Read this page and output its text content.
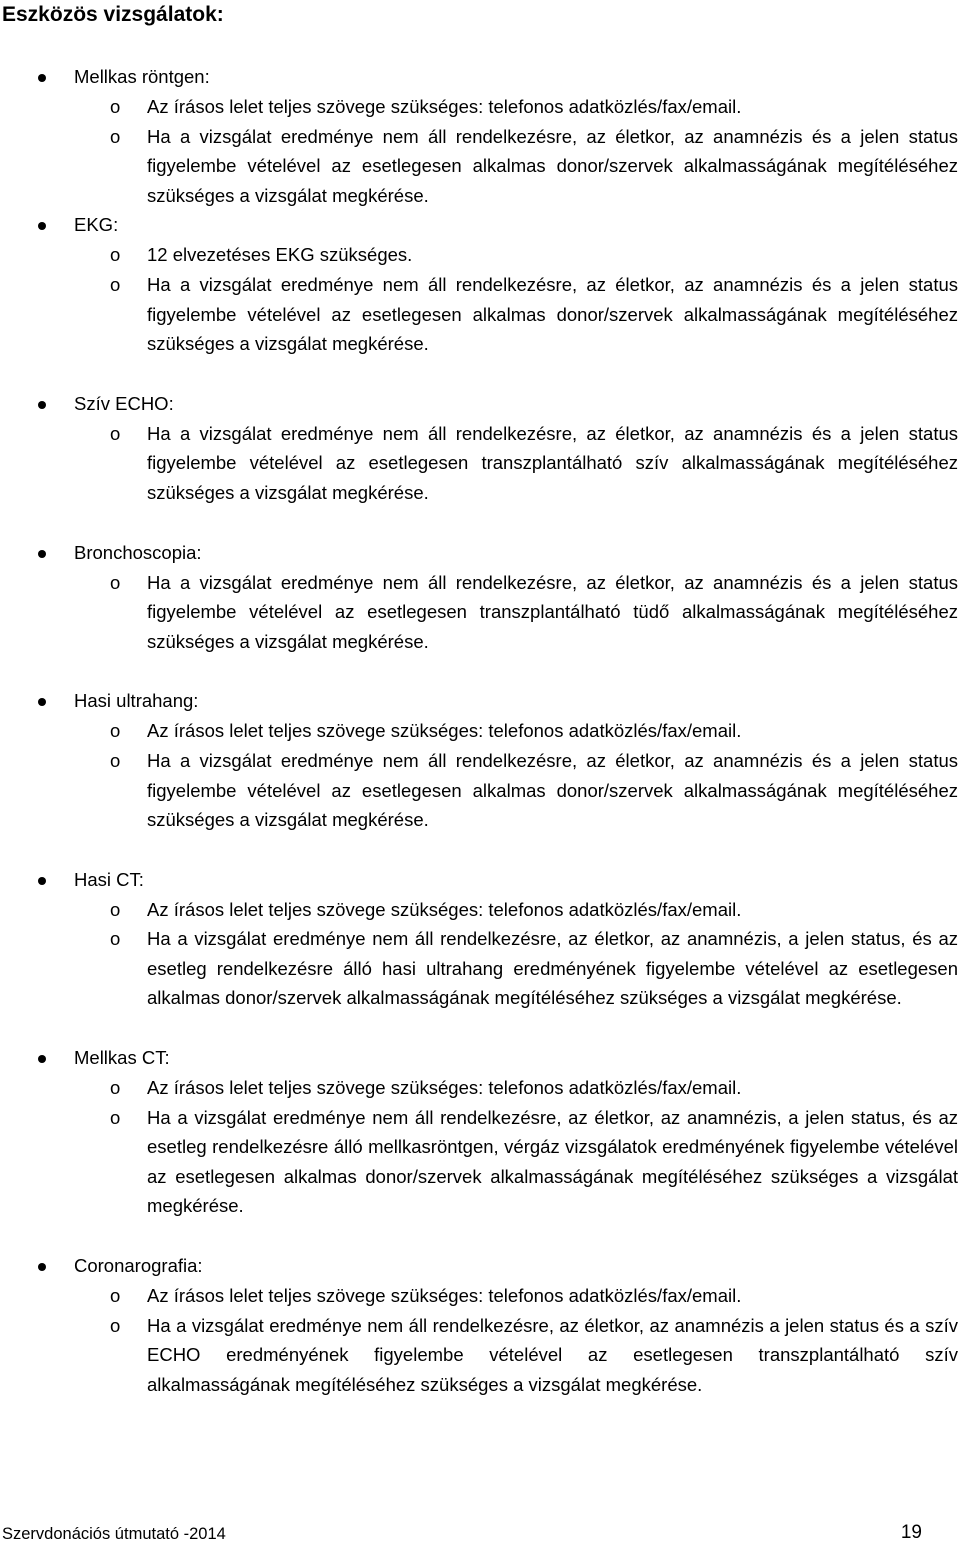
Eszközös vizsgálatok:
Mellkas röntgen:
o Az írásos lelet teljes szövege szükséges: telefonos adatközlés/fax/email.
o Ha a vizsgálat eredménye nem áll rendelkezésre, az életkor, az anamnézis és a jelen status figyelembe vételével az esetlegesen alkalmas donor/szervek alkalmasságának megítéléséhez szükséges a vizsgálat megkérése.
EKG:
o 12 elvezetéses EKG szükséges.
o Ha a vizsgálat eredménye nem áll rendelkezésre, az életkor, az anamnézis és a jelen status figyelembe vételével az esetlegesen alkalmas donor/szervek alkalmasságának megítéléséhez szükséges a vizsgálat megkérése.
Szív ECHO:
o Ha a vizsgálat eredménye nem áll rendelkezésre, az életkor, az anamnézis és a jelen status figyelembe vételével az esetlegesen transzplantálható szív alkalmasságának megítéléséhez szükséges a vizsgálat megkérése.
Bronchoscopia:
o Ha a vizsgálat eredménye nem áll rendelkezésre, az életkor, az anamnézis és a jelen status figyelembe vételével az esetlegesen transzplantálható tüdő alkalmasságának megítéléséhez szükséges a vizsgálat megkérése.
Hasi ultrahang:
o Az írásos lelet teljes szövege szükséges: telefonos adatközlés/fax/email.
o Ha a vizsgálat eredménye nem áll rendelkezésre, az életkor, az anamnézis és a jelen status figyelembe vételével az esetlegesen alkalmas donor/szervek alkalmasságának megítéléséhez szükséges a vizsgálat megkérése.
Hasi CT:
o Az írásos lelet teljes szövege szükséges: telefonos adatközlés/fax/email.
o Ha a vizsgálat eredménye nem áll rendelkezésre, az életkor, az anamnézis, a jelen status, és az esetleg rendelkezésre álló hasi ultrahang eredményének figyelembe vételével az esetlegesen alkalmas donor/szervek alkalmasságának megítéléséhez szükséges a vizsgálat megkérése.
Mellkas CT:
o Az írásos lelet teljes szövege szükséges: telefonos adatközlés/fax/email.
o Ha a vizsgálat eredménye nem áll rendelkezésre, az életkor, az anamnézis, a jelen status, és az esetleg rendelkezésre álló mellkasröntgen, vérgáz vizsgálatok eredményének figyelembe vételével az esetlegesen alkalmas donor/szervek alkalmasságának megítéléséhez szükséges a vizsgálat megkérése.
Coronarografia:
o Az írásos lelet teljes szövege szükséges: telefonos adatközlés/fax/email.
o Ha a vizsgálat eredménye nem áll rendelkezésre, az életkor, az anamnézis a jelen status és a szív ECHO eredményének figyelembe vételével az esetlegesen transzplantálható szív alkalmasságának megítéléséhez szükséges a vizsgálat megkérése.
Szervdonációs útmutató -2014	19
